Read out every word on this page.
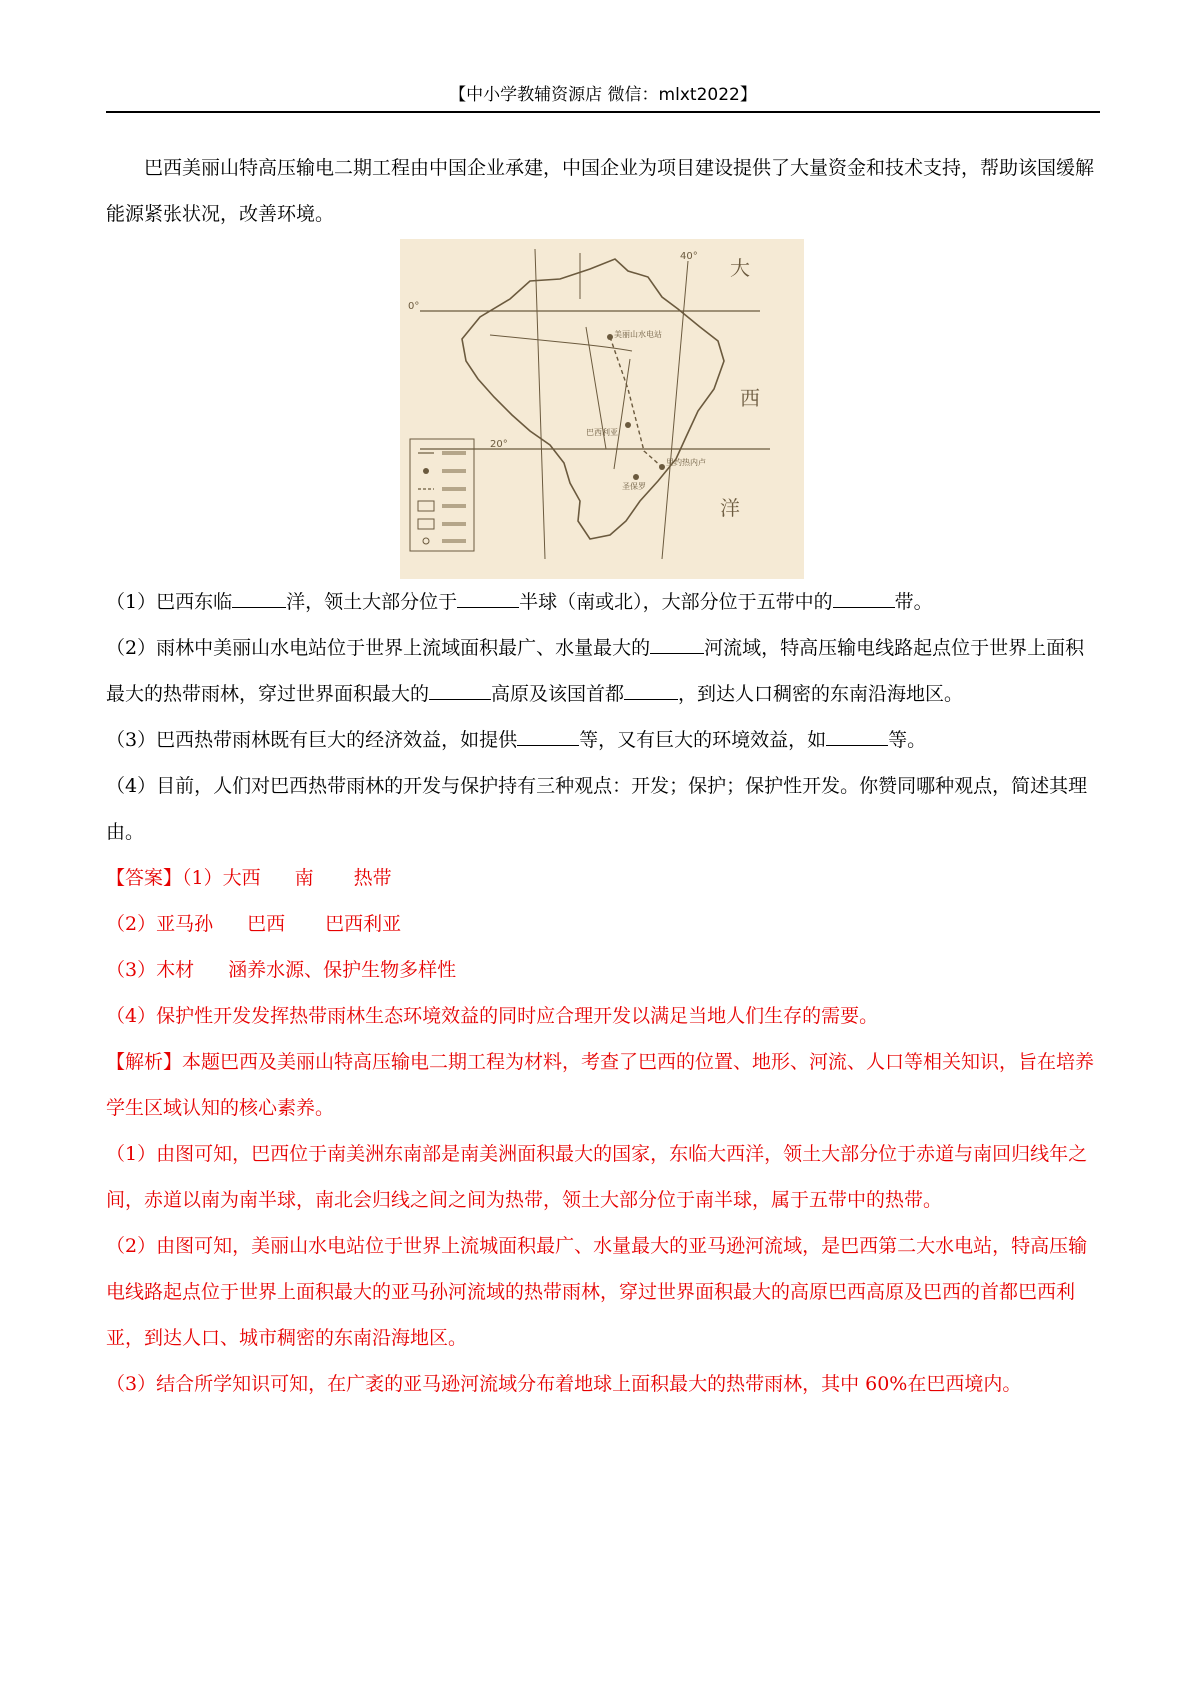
【中小学教辅资源店 微信：mlxt2022】

巴西美丽山特高压输电二期工程由中国企业承建，中国企业为项目建设提供了大量资金和技术支持，帮助该国缓解能源紧张状况，改善环境。

0°
20°
40° 大
西
洋
美丽山水电站
巴西利亚
里约热内卢
圣保罗

（1）巴西东临	洋，领土大部分位于	半球（南或北），大部分位于五带中的	带。

（2）雨林中美丽山水电站位于世界上流域面积最广、水量最大的	河流域，特高压输电线路起点位于世界上面积最大的热带雨林，穿过世界面积最大的	高原及该国首都	，到达人口稠密的东南沿海地区。

（3）巴西热带雨林既有巨大的经济效益，如提供	等，又有巨大的环境效益，如	等。

（4）目前，人们对巴西热带雨林的开发与保护持有三种观点：开发；保护；保护性开发。你赞同哪种观点，简述其理由。

【答案】（1）大西 南 热带

（2）亚马孙 巴西 巴西利亚

（3）木材 涵养水源、保护生物多样性

（4）保护性开发发挥热带雨林生态环境效益的同时应合理开发以满足当地人们生存的需要。

【解析】本题巴西及美丽山特高压输电二期工程为材料，考查了巴西的位置、地形、河流、人口等相关知识，旨在培养学生区域认知的核心素养。

（1）由图可知，巴西位于南美洲东南部是南美洲面积最大的国家，东临大西洋，领土大部分位于赤道与南回归线年之间，赤道以南为南半球，南北会归线之间之间为热带，领土大部分位于南半球，属于五带中的热带。

（2）由图可知，美丽山水电站位于世界上流城面积最广、水量最大的亚马逊河流域，是巴西第二大水电站，特高压输电线路起点位于世界上面积最大的亚马孙河流域的热带雨林，穿过世界面积最大的高原巴西高原及巴西的首都巴西利亚，到达人口、城市稠密的东南沿海地区。

（3）结合所学知识可知，在广袤的亚马逊河流域分布着地球上面积最大的热带雨林，其中 60%在巴西境内。
